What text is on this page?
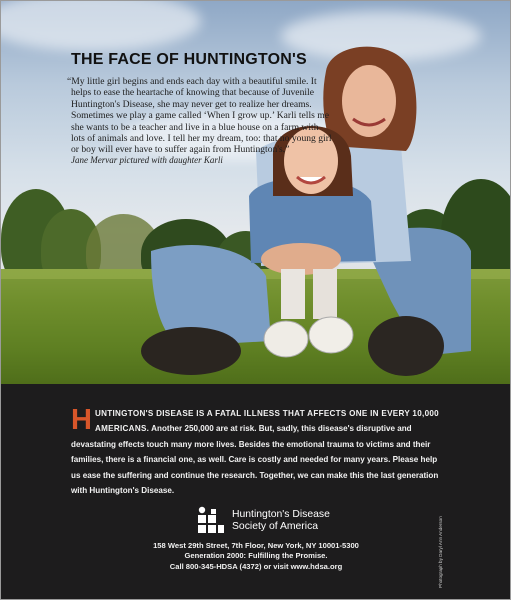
THE FACE OF HUNTINGTON'S

“My little girl begins and ends each day with a beautiful smile. It helps to ease the heartache of knowing that because of Juvenile Huntington's Disease, she may never get to realize her dreams. Sometimes we play a game called ‘When I grow up.’ Karli tells me she wants to be a teacher and live in a blue house on a farm with lots of animals and love. I tell her my dream, too: that no young girl or boy will ever have to suffer again from Huntington's.”

Jane Mervar pictured with daughter Karli

H UNTINGTON'S DISEASE IS A FATAL ILLNESS THAT AFFECTS ONE IN EVERY 10,000 AMERICANS. Another 250,000 are at risk. But, sadly, this disease's disruptive and devastating effects touch many more lives. Besides the emotional trauma to victims and their families, there is a financial one, as well. Care is costly and needed for many years. Please help us ease the suffering and continue the research. Together, we can make this the last generation with Huntington's Disease.

Huntington's Disease
Society of America
158 West 29th Street, 7th Floor, New York, NY 10001-5300
Generation 2000: Fulfilling the Promise.
Call 800-345-HDSA (4372) or visit www.hdsa.org	Photograph by Daryl Ann Anderson
